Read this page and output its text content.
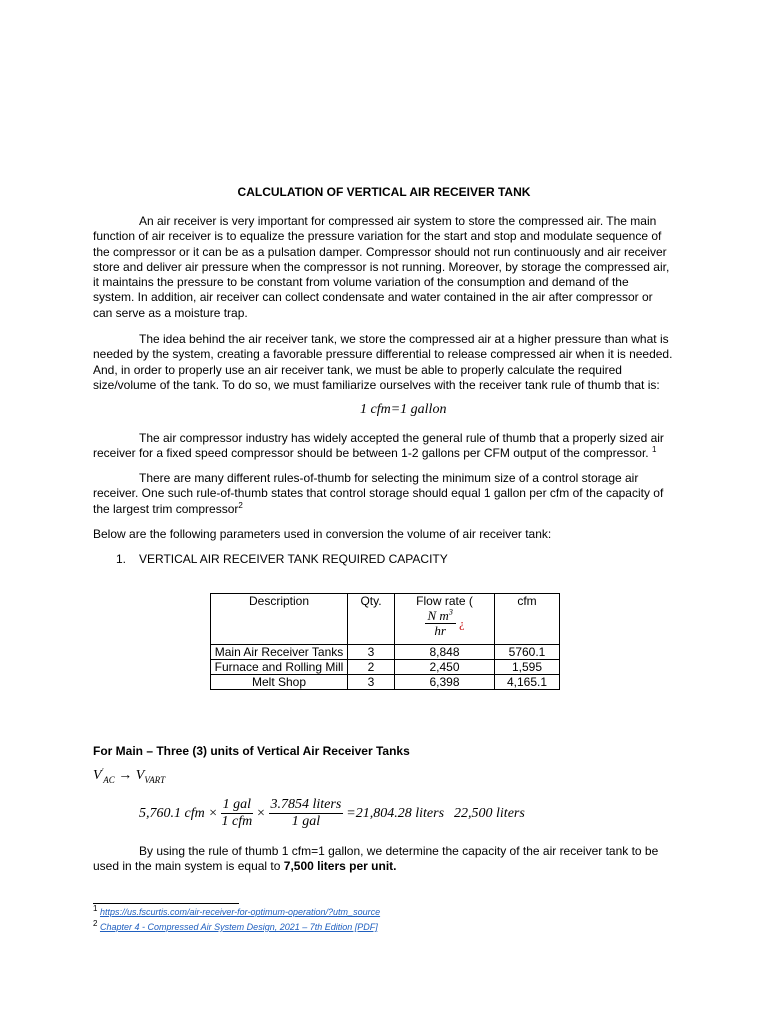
CALCULATION OF VERTICAL AIR RECEIVER TANK

An air receiver is very important for compressed air system to store the compressed air. The main function of air receiver is to equalize the pressure variation for the start and stop and modulate sequence of the compressor or it can be as a pulsation damper. Compressor should not run continuously and air receiver store and deliver air pressure when the compressor is not running. Moreover, by storage the compressed air, it maintains the pressure to be constant from volume variation of the consumption and demand of the system. In addition, air receiver can collect condensate and water contained in the air after compressor or can serve as a moisture trap.

The idea behind the air receiver tank, we store the compressed air at a higher pressure than what is needed by the system, creating a favorable pressure differential to release compressed air when it is needed. And, in order to properly use an air receiver tank, we must be able to properly calculate the required size/volume of the tank. To do so, we must familiarize ourselves with the receiver tank rule of thumb that is:

1 cfm=1 gallon

The air compressor industry has widely accepted the general rule of thumb that a properly sized air receiver for a fixed speed compressor should be between 1-2 gallons per CFM output of the compressor. $^1$

There are many different rules-of-thumb for selecting the minimum size of a control storage air receiver. One such rule-of-thumb states that control storage should equal 1 gallon per cfm of the capacity of the largest trim compressor$^2$

Below are the following parameters used in conversion the volume of air receiver tank:

1. VERTICAL AIR RECEIVER TANK REQUIRED CAPACITY
Description	Qty.	Flow rate (
$\frac{N m^3}{hr}$ ¿	cfm
Main Air Receiver Tanks	3	8,848	5760.1
Furnace and Rolling Mill	2	2,450	1,595
Melt Shop	3	6,398	4,165.1
For Main – Three (3) units of Vertical Air Receiver Tanks
$V'_{AC} \to V_{VART}$
5,760.1 cfm × $\frac{\text{1 gal}}{\text{1 cfm}} \times \frac{\text{3.7854 liters}}{\text{1 gal}} =21,804.28$ liters 22,500 liters

By using the rule of thumb 1 cfm=1 gallon, we determine the capacity of the air receiver tank to be used in the main system is equal to 7,500 liters per unit.

$^1$ https://us.fscurtis.com/air-receiver-for-optimum-operation/?utm_source
$^2$ Chapter 4 - Compressed Air System Design, 2021 – 7th Edition [PDF]
